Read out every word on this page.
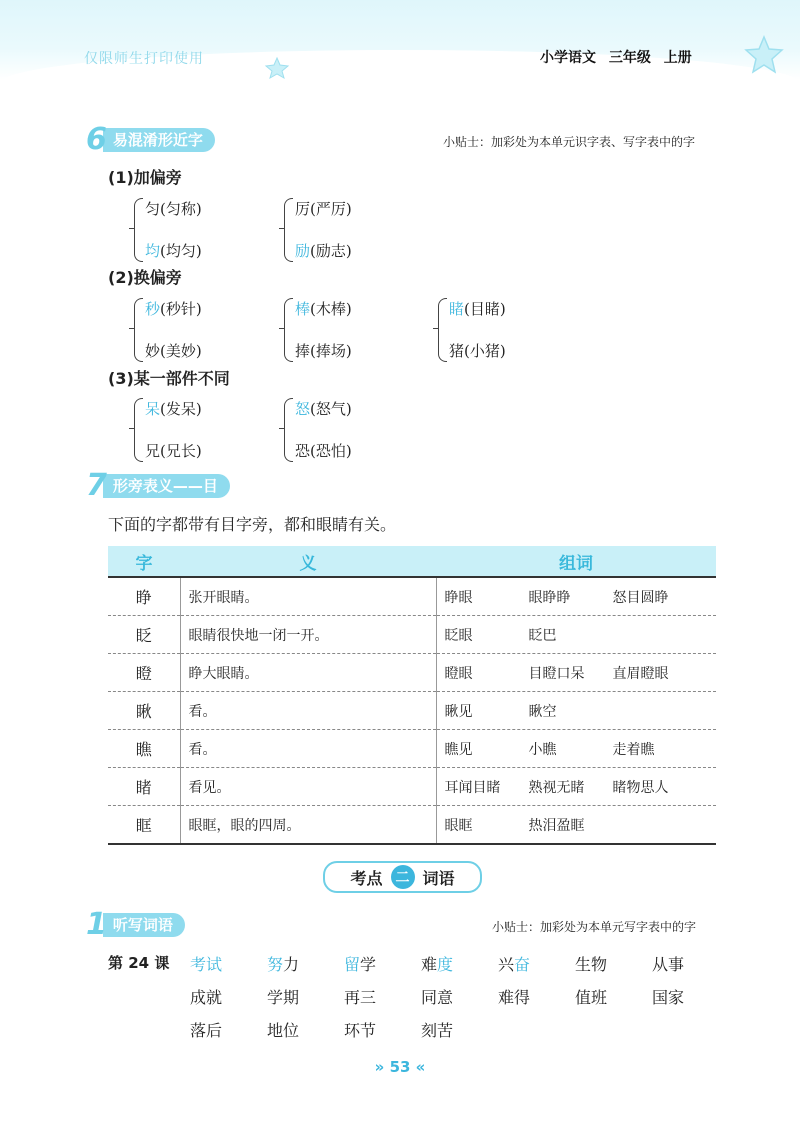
仅限师生打印使用	小学语文 三年级 上册
6 易混淆形近字	小贴士：加彩处为本单元识字表、写字表中的字
(1)加偏旁
匀(匀称)
均(均匀)
厉(严厉)
励(励志)
(2)换偏旁
秒(秒针)
妙(美妙)
棒(木棒)
捧(捧场)
睹(目睹)
猪(小猪)
(3)某一部件不同
呆(发呆)
兄(兄长)
怒(怒气)
恐(恐怕)
7 形旁表义——目
下面的字都带有目字旁，都和眼睛有关。
字	义	组词
睁	张开眼睛。	睁眼 眼睁睁 怒目圆睁
眨	眼睛很快地一闭一开。	眨眼 眨巴
瞪	睁大眼睛。	瞪眼 目瞪口呆 直眉瞪眼
瞅	看。	瞅见 瞅空
瞧	看。	瞧见 小瞧 走着瞧
睹	看见。	耳闻目睹 熟视无睹 睹物思人
眶	眼眶，眼的四周。	眼眶 热泪盈眶
考点 二 词语
1 听写词语	小贴士：加彩处为本单元写字表中的字
第 24 课 考试	努力	留学	难度	兴奋	生物	从事
成就	学期	再三	同意	难得	值班	国家
落后	地位	环节	刻苦
» 53 «
